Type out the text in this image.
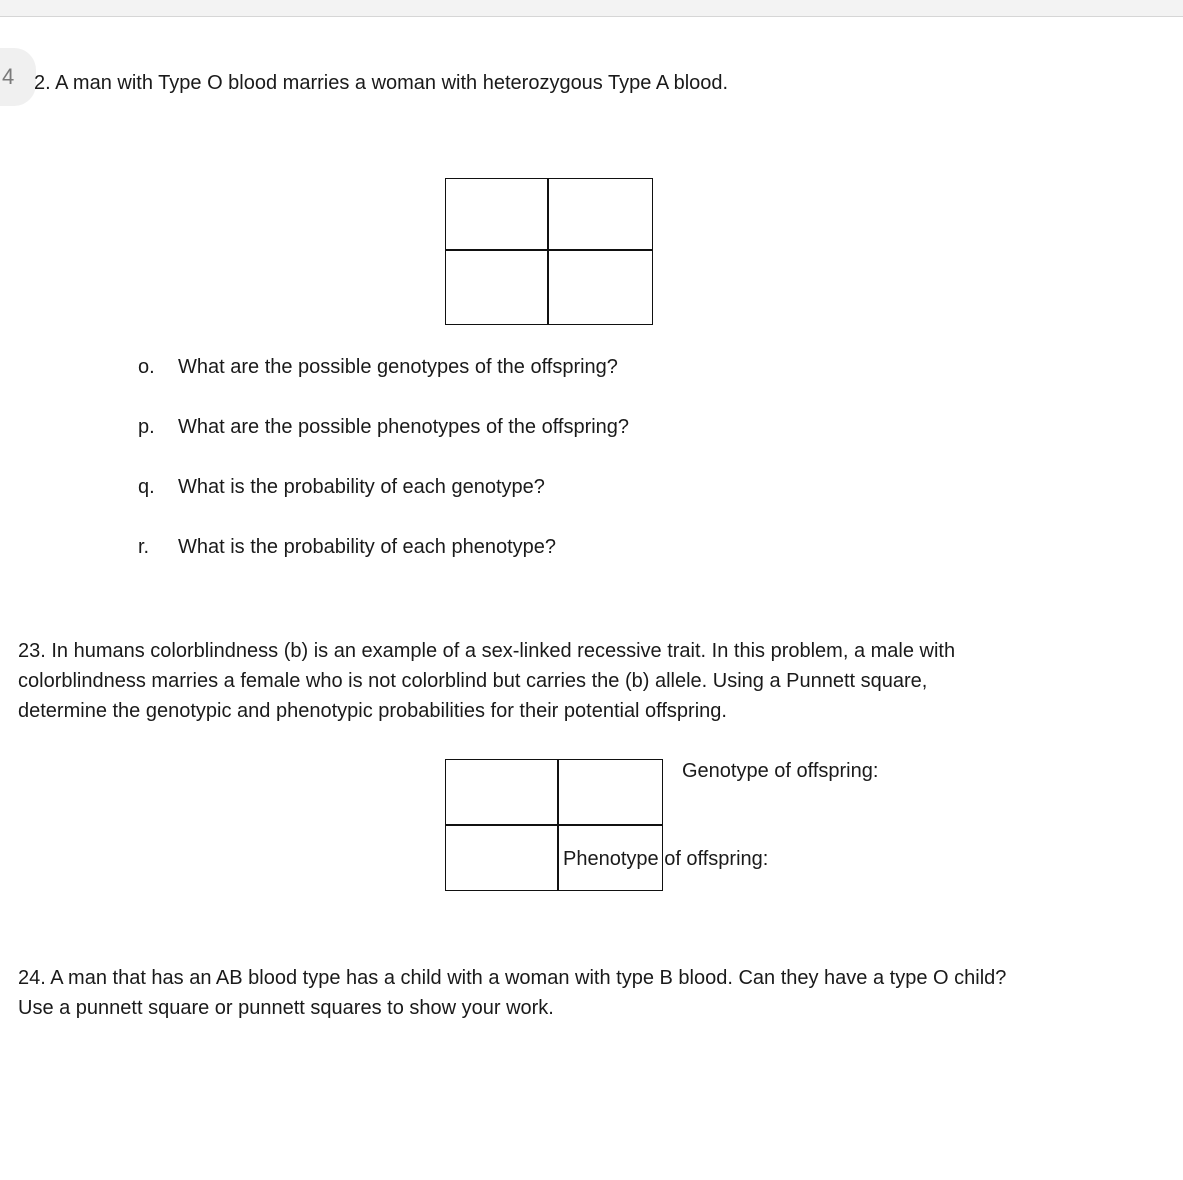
4 2. A man with Type O blood marries a woman with heterozygous Type A blood.
o. What are the possible genotypes of the offspring?
p. What are the possible phenotypes of the offspring?
q. What is the probability of each genotype?
r. What is the probability of each phenotype?
23. In humans colorblindness (b) is an example of a sex-linked recessive trait. In this problem, a male with
colorblindness marries a female who is not colorblind but carries the (b) allele. Using a Punnett square,
determine the genotypic and phenotypic probabilities for their potential offspring.
Genotype of offspring:
Phenotype of offspring:
24. A man that has an AB blood type has a child with a woman with type B blood. Can they have a type O child?
Use a punnett square or punnett squares to show your work.
